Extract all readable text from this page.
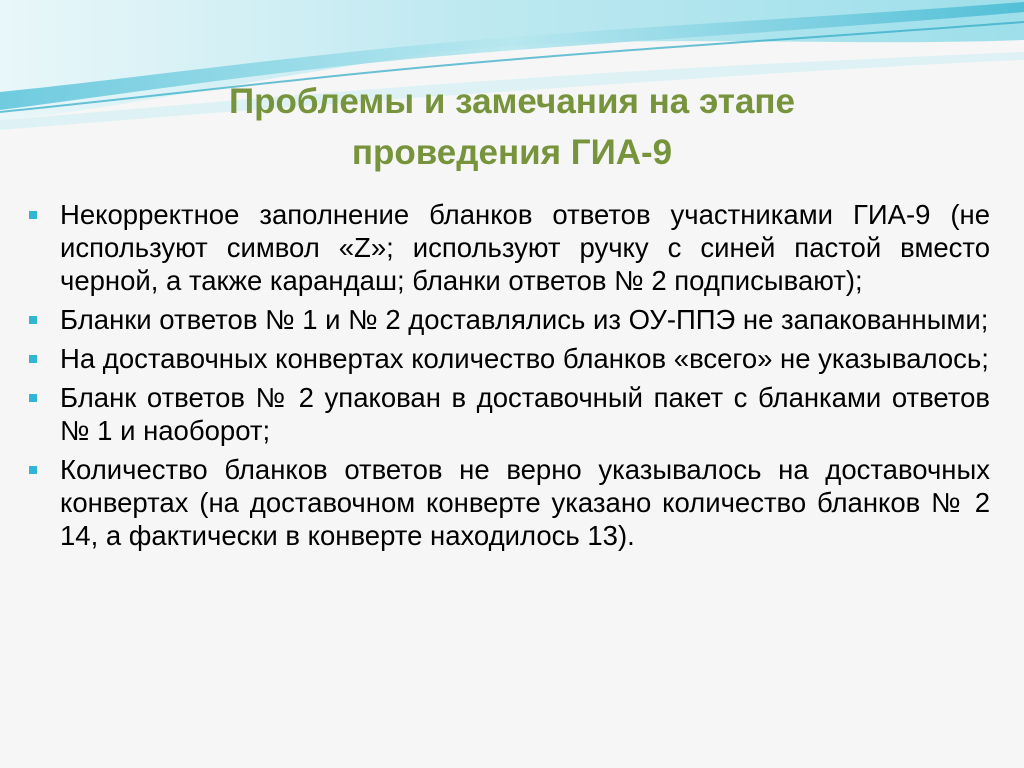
Проблемы и замечания на этапе
проведения ГИА-9
Некорректное заполнение бланков ответов участниками ГИА-9 (не используют символ «Z»; используют ручку с синей пастой вместо черной, а также карандаш; бланки ответов № 2 подписывают);
Бланки ответов № 1 и № 2 доставлялись из ОУ-ППЭ не запакованными;
На доставочных конвертах количество бланков «всего» не указывалось;
Бланк ответов № 2 упакован в доставочный пакет с бланками ответов № 1 и наоборот;
Количество бланков ответов не верно указывалось на доставочных конвертах (на доставочном конверте указано количество бланков № 2 14, а фактически в конверте находилось 13).
